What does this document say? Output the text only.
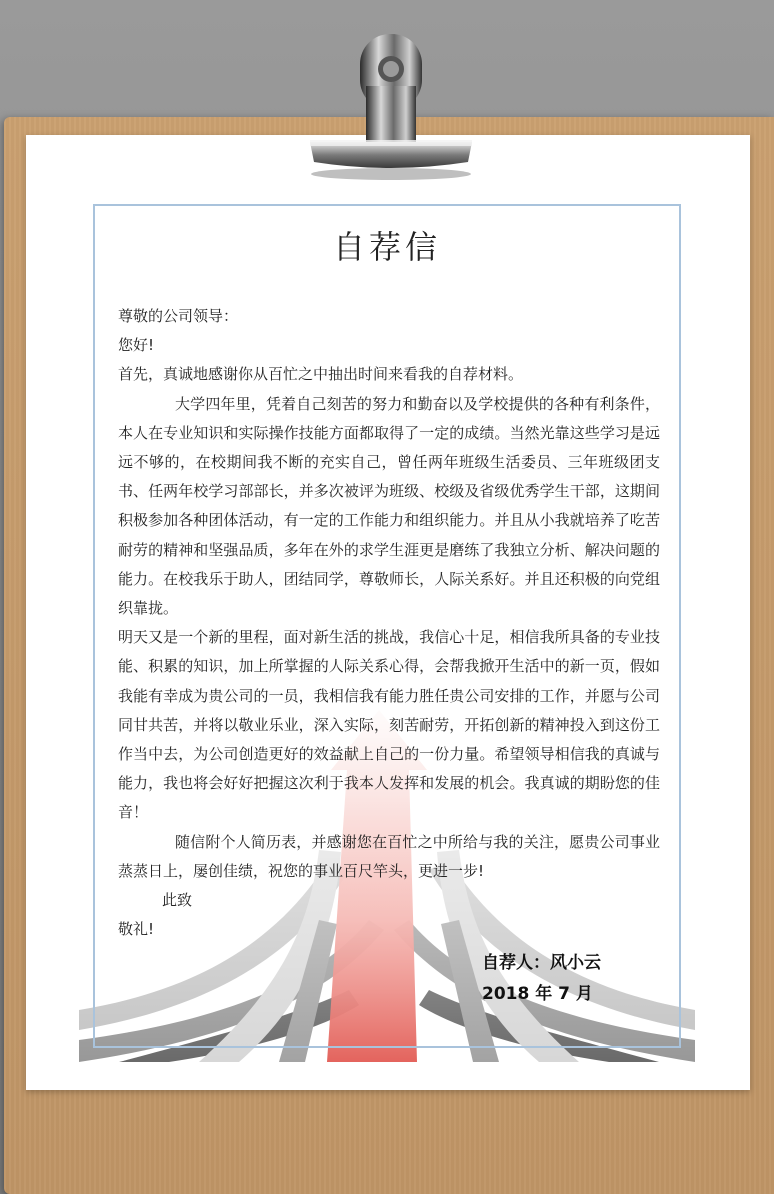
自荐信

尊敬的公司领导：

您好!

首先，真诚地感谢你从百忙之中抽出时间来看我的自荐材料。

大学四年里，凭着自己刻苦的努力和勤奋以及学校提供的各种有利条件，本人在专业知识和实际操作技能方面都取得了一定的成绩。当然光靠这些学习是远远不够的，在校期间我不断的充实自己，曾任两年班级生活委员、三年班级团支书、任两年校学习部部长，并多次被评为班级、校级及省级优秀学生干部，这期间积极参加各种团体活动，有一定的工作能力和组织能力。并且从小我就培养了吃苦耐劳的精神和坚强品质，多年在外的求学生涯更是磨练了我独立分析、解决问题的能力。在校我乐于助人，团结同学，尊敬师长，人际关系好。并且还积极的向党组织靠拢。

明天又是一个新的里程，面对新生活的挑战，我信心十足，相信我所具备的专业技能、积累的知识，加上所掌握的人际关系心得，会帮我掀开生活中的新一页，假如我能有幸成为贵公司的一员，我相信我有能力胜任贵公司安排的工作，并愿与公司同甘共苦，并将以敬业乐业，深入实际，刻苦耐劳，开拓创新的精神投入到这份工作当中去，为公司创造更好的效益献上自己的一份力量。希望领导相信我的真诚与能力，我也将会好好把握这次利于我本人发挥和发展的机会。我真诚的期盼您的佳音！

随信附个人简历表，并感谢您在百忙之中所给与我的关注，愿贵公司事业蒸蒸日上，屡创佳绩，祝您的事业百尺竿头，更进一步!

此致

敬礼!

自荐人：风小云
2018 年 7 月
